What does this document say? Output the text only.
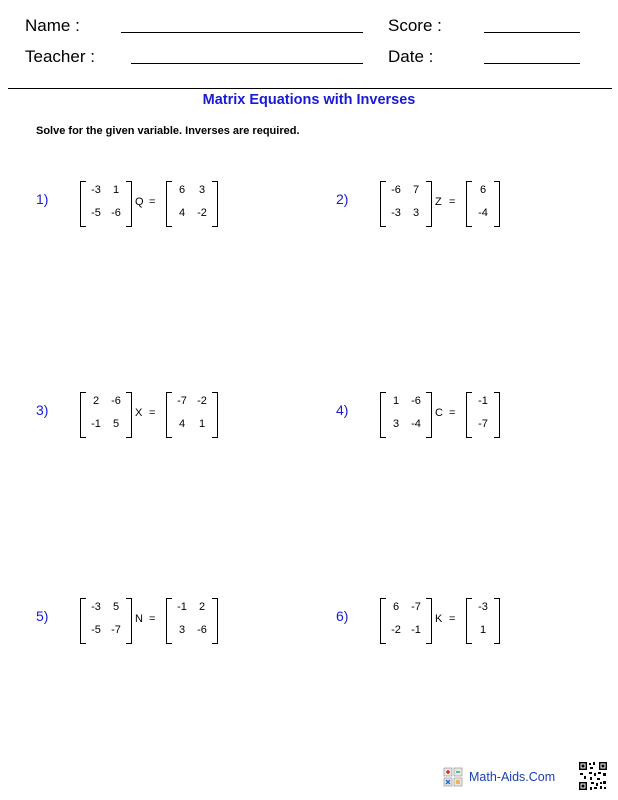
Name :	Score :
Teacher :	Date :
Matrix Equations with Inverses
Solve for the given variable. Inverses are required.
1)
-3	1
-5 -6
Q =
6	3
4	-2
2)
-6	7
-3	3
Z =
6
-4
3)
2	-6
-1	5
X =
-7 -2
4	1
4)
1	-6
3	-4
C =
-1
-7
5)
-3	5
-5 -7
N =
-1	2
3	-6
6)
6	-7
-2 -1
K =
-3
1
Math-Aids.Com
